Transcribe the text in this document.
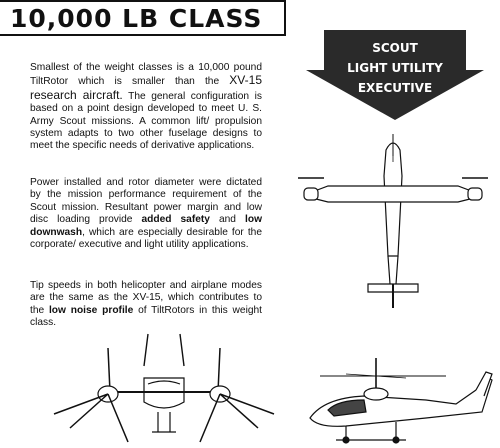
10,000 LB CLASS
SCOUT
LIGHT UTILITY
EXECUTIVE
Smallest of the weight classes is a 10,000 pound TiltRotor which is smaller than the XV-15 research aircraft. The general configuration is based on a point design developed to meet U. S. Army Scout missions. A common lift/ propulsion system adapts to two other fuselage designs to meet the specific needs of derivative applications.
Power installed and rotor diameter were dictated by the mission performance requirement of the Scout mission. Resultant power margin and low disc loading provide added safety and low downwash, which are especially desirable for the corporate/ executive and light utility applications.
Tip speeds in both helicopter and airplane modes are the same as the XV-15, which contributes to the low noise profile of TiltRotors in this weight class.
